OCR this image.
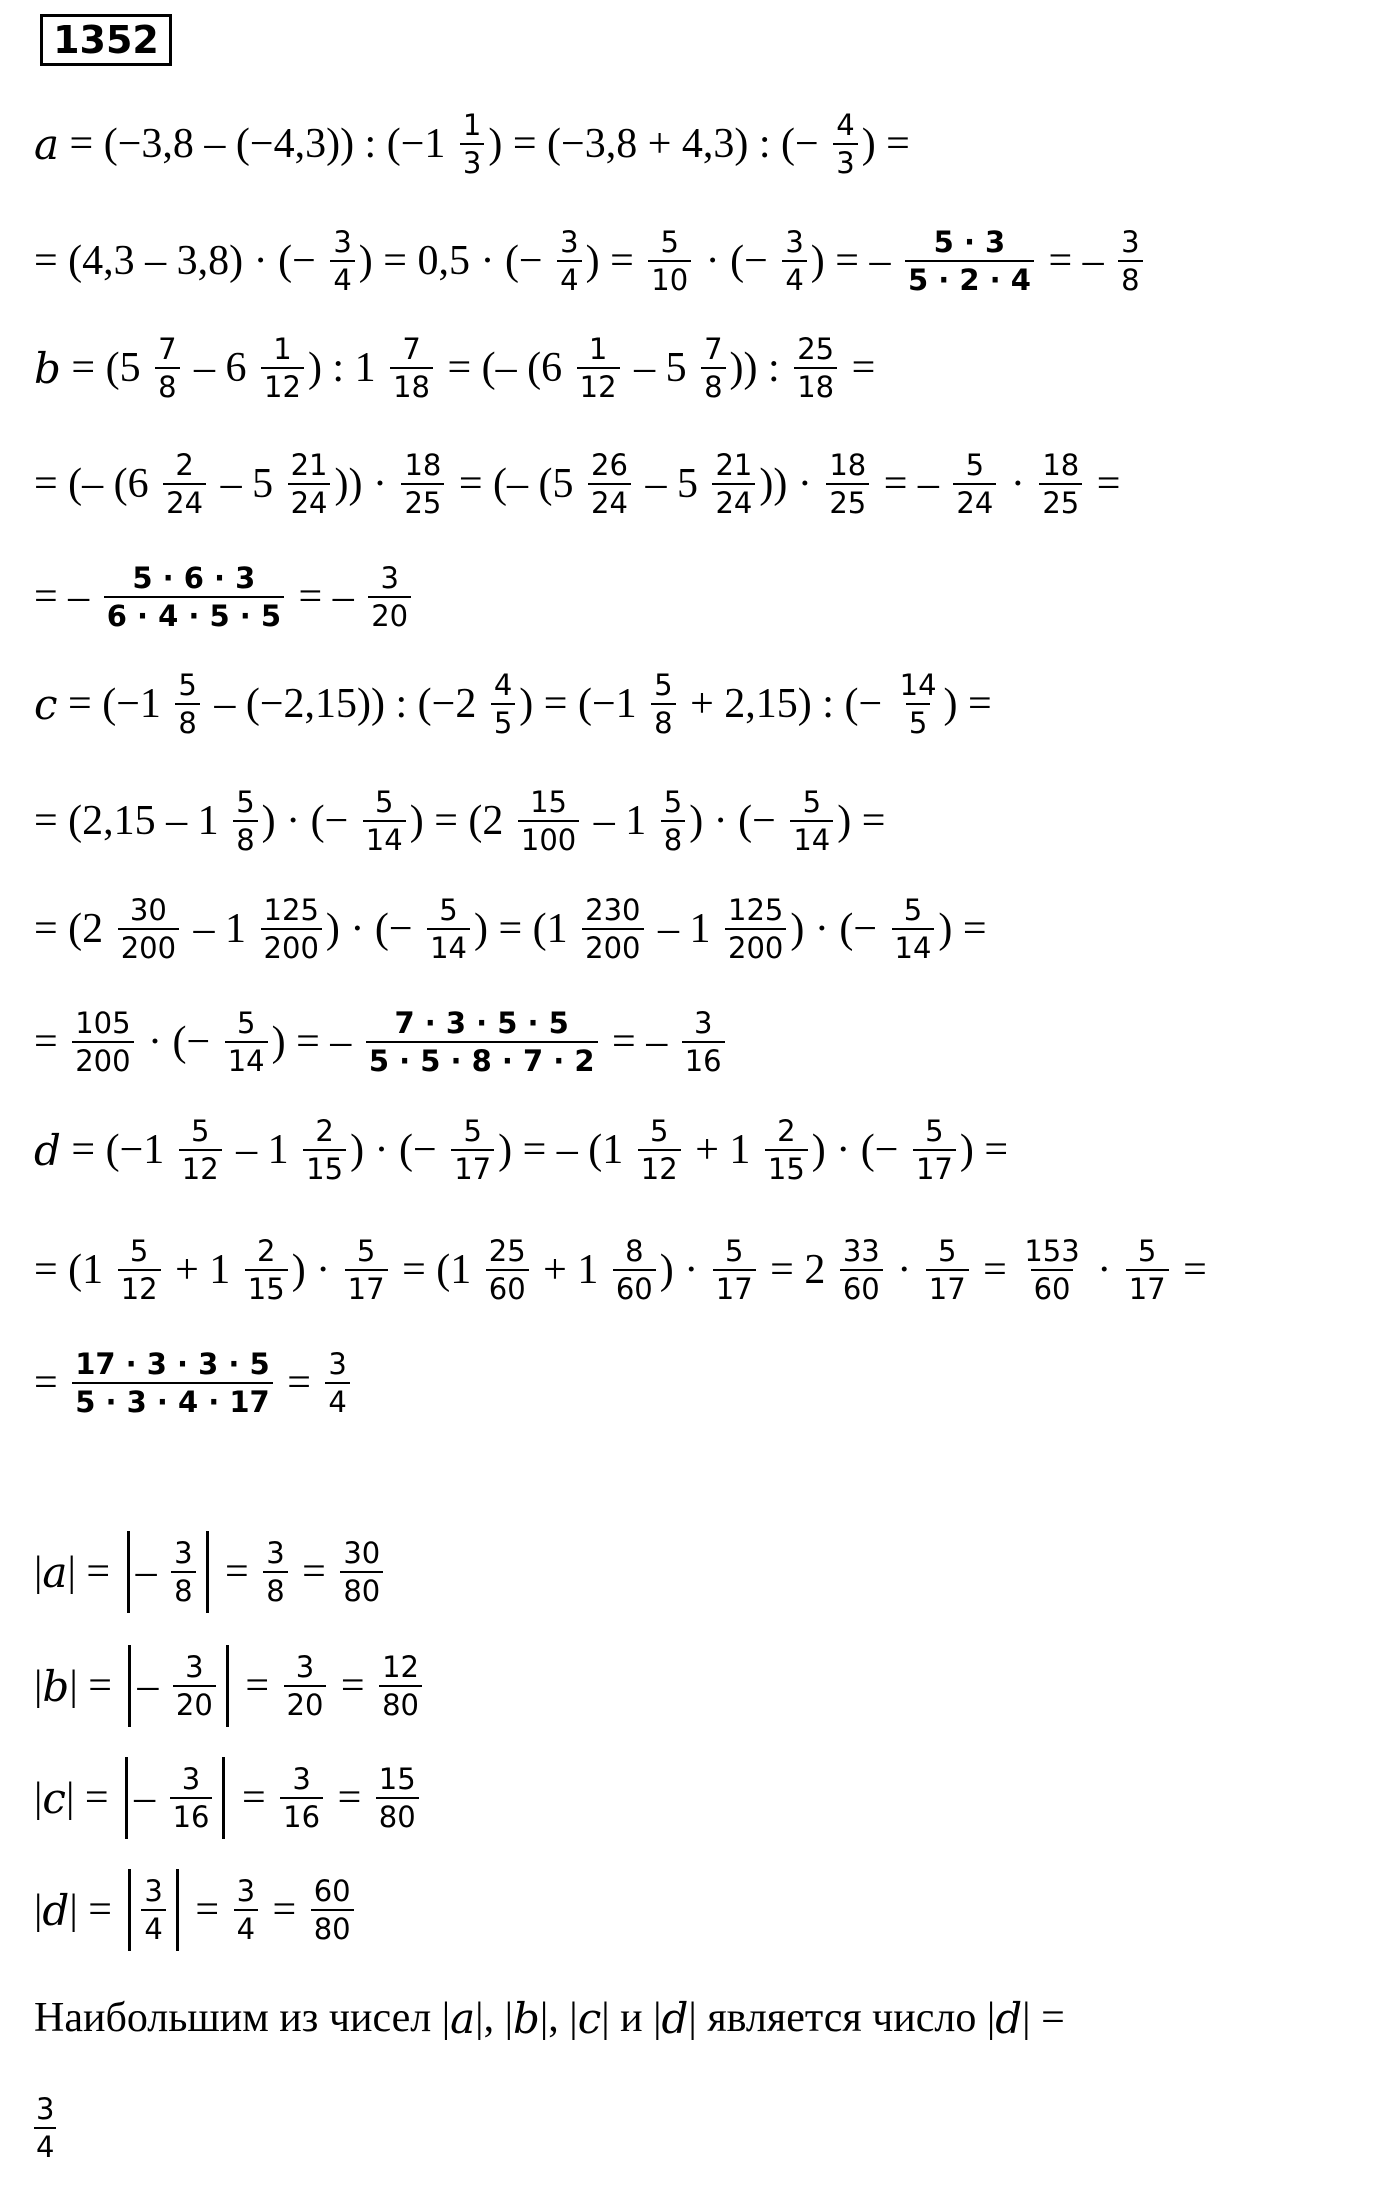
1352
a = (−3,8 – (−4,3)) : ($-1 \frac{1}{3}$ ) = (−3,8 + 4,3) : (− $\frac{4}{3}$ ) =
= (4,3 – 3,8) · (− $\frac{3}{4}$ ) = 0,5 · (− $\frac{3}{4}$ ) = $\frac{5}{10}$ · (− $\frac{3}{4}$ ) = – $\frac{5 \cdot 3}{5 \cdot 2 \cdot 4}$ = – $\frac{3}{8}$
$b = (5 \frac{7}{8} - 6 \frac{1}{12}$ ) : $1 \frac{7}{18}$ = (– ($6 \frac{1}{12} - 5 \frac{7}{8}$ )) : $\frac{25}{18}$ =
= (– ($6 \frac{2}{24} - 5 \frac{21}{24}$ )) · $\frac{18}{25}$ = (– ($5 \frac{26}{24} - 5 \frac{21}{24}$ )) · $\frac{18}{25}$ = – $\frac{5}{24} \cdot \frac{18}{25}$ =
= – $\frac{5 \cdot 6 \cdot 3}{6 \cdot 4 \cdot 5 \cdot 5}$ = – $\frac{3}{20}$
$c = (-1 \frac{5}{8} - (-2,15))$ : ($-2 \frac{4}{5}$ ) = $(-1 \frac{5}{8} + 2,15)$ : (− $\frac{14}{5}$ ) =
= ($2,15 - 1 \frac{5}{8}$ ) · (− $\frac{5}{14}$ ) = ($2 \frac{15}{100} - 1 \frac{5}{8}$ ) · (− $\frac{5}{14}$ ) =
= ($2 \frac{30}{200} - 1 \frac{125}{200}$ ) · (− $\frac{5}{14}$ ) = ($1 \frac{230}{200} - 1 \frac{125}{200}$ ) · (− $\frac{5}{14}$ ) =
= $\frac{105}{200}$ · (− $\frac{5}{14}$ ) = – $\frac{7 \cdot 3 \cdot 5 \cdot 5}{5 \cdot 5 \cdot 8 \cdot 7 \cdot 2}$ = – $\frac{3}{16}$
$d = (-1 \frac{5}{12} - 1 \frac{2}{15}$ ) · (− $\frac{5}{17}$ ) = – ($1 \frac{5}{12} + 1 \frac{2}{15}$ ) · (− $\frac{5}{17}$ ) =
= ($1 \frac{5}{12} + 1 \frac{2}{15}$ ) · $\frac{5}{17} = (1 \frac{25}{60} + 1 \frac{8}{60}$ ) · $\frac{5}{17} = 2 \frac{33}{60} \cdot \frac{5}{17} = \frac{153}{60} \cdot \frac{5}{17}$ =
= $\frac{17 \cdot 3 \cdot 3 \cdot 5}{5 \cdot 3 \cdot 4 \cdot 17} = \frac{3}{4}$
| a | = – $\frac{3}{8} = \frac{3}{8} = \frac{30}{80}$
| b | = – $\frac{3}{20} = \frac{3}{20} = \frac{12}{80}$
| c | = – $\frac{3}{16} = \frac{3}{16} = \frac{15}{80}$
| d | = $\frac{3}{4} = \frac{3}{4} = \frac{60}{80}$
Наибольшим из чисел | a |, | b |, | c | и | d | является число | d | =
$\frac{3}{4}$
